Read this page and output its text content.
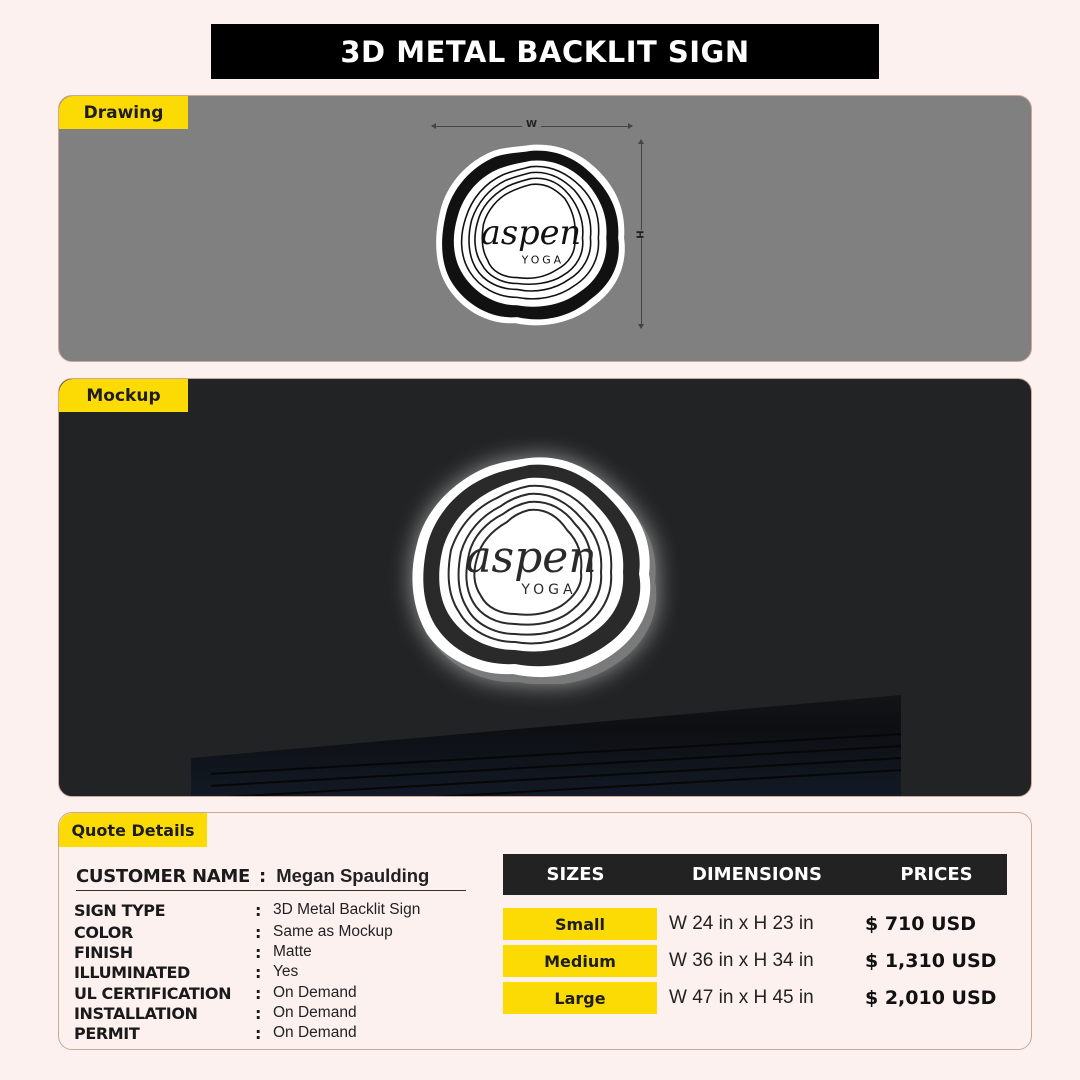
3D METAL BACKLIT SIGN
Drawing
W
H
aspen
YOGA
aspen
YOGA
Mockup
Quote Details
CUSTOMER NAME : Megan Spaulding
SIGN TYPE	: 3D Metal Backlit Sign
COLOR	: Same as Mockup
FINISH	: Matte
ILLUMINATED	: Yes
UL CERTIFICATION	: On Demand
INSTALLATION	: On Demand
PERMIT	: On Demand
SIZES	DIMENSIONS	PRICES
Small	W 24 in x H 23 in	$ 710 USD
Medium	W 36 in x H 34 in	$ 1,310 USD
Large	W 47 in x H 45 in	$ 2,010 USD
